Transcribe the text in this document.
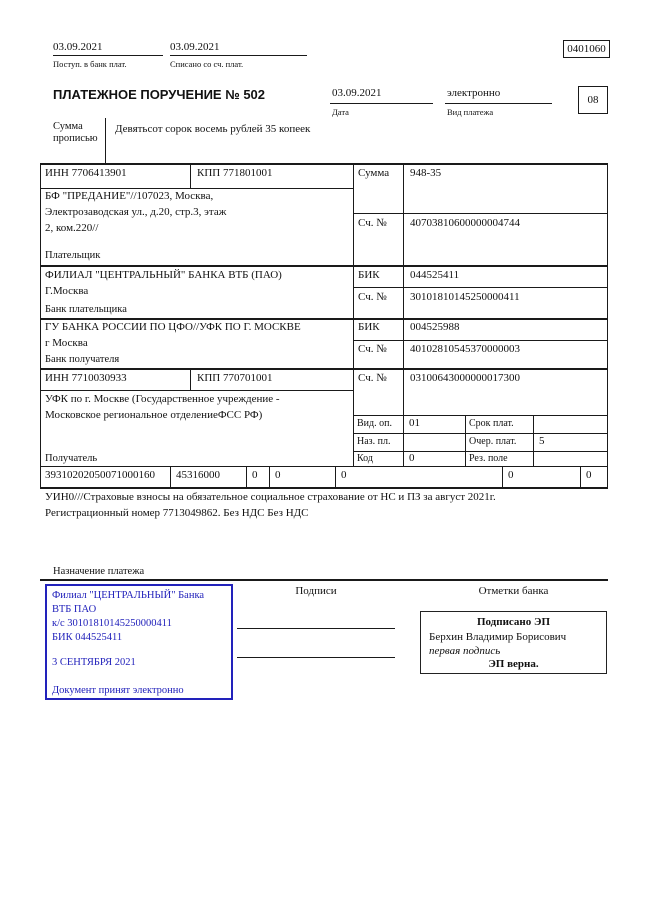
03.09.2021
Поступ. в банк плат.
03.09.2021
Списано со сч. плат.
0401060
ПЛАТЕЖНОЕ ПОРУЧЕНИЕ № 502	03.09.2021
Дата
электронно
Вид платежа
08
Сумма прописью
Девятьсот сорок восемь рублей 35 копеек
ИНН 7706413901	КПП 771801001	Сумма 948-35
БФ "ПРЕДАНИЕ"//107023, Москва,
Электрозаводская ул., д.20, стр.3, этаж
2, ком.220//	Сч. № 40703810600000004744
Плательщик
ФИЛИАЛ "ЦЕНТРАЛЬНЫЙ" БАНКА ВТБ (ПАО)
Г.Москва
БИК	044525411
Сч. № 30101810145250000411
Банк плательщика
ГУ БАНКА РОССИИ ПО ЦФО//УФК ПО Г. МОСКВЕ
г Москва
БИК	004525988
Сч. № 40102810545370000003
Банк получателя
ИНН 7710030933	КПП 770701001	Сч. № 03100643000000017300
УФК по г. Москве (Государственное учреждение -
Московское региональное отделениеФСС РФ)
Вид. оп. 01	Срок плат.
Наз. пл.	Очер. плат. 5
Код	0	Рез. поле
Получатель
39310202050071000160 45316000	0 0	0	0	0
УИН0///Страховые взносы на обязательное социальное страхование от НС и ПЗ за август 2021г.
Регистрационный номер 7713049862. Без НДС Без НДС
Назначение платежа
Филиал "ЦЕНТРАЛЬНЫЙ" Банка
ВТБ ПАО
к/с 30101810145250000411
БИК 044525411
3 СЕНТЯБРЯ 2021
Документ принят электронно
Подписи	Отметки банка
Подписано ЭП
Берхин Владимир Борисович
первая подпись
ЭП верна.
